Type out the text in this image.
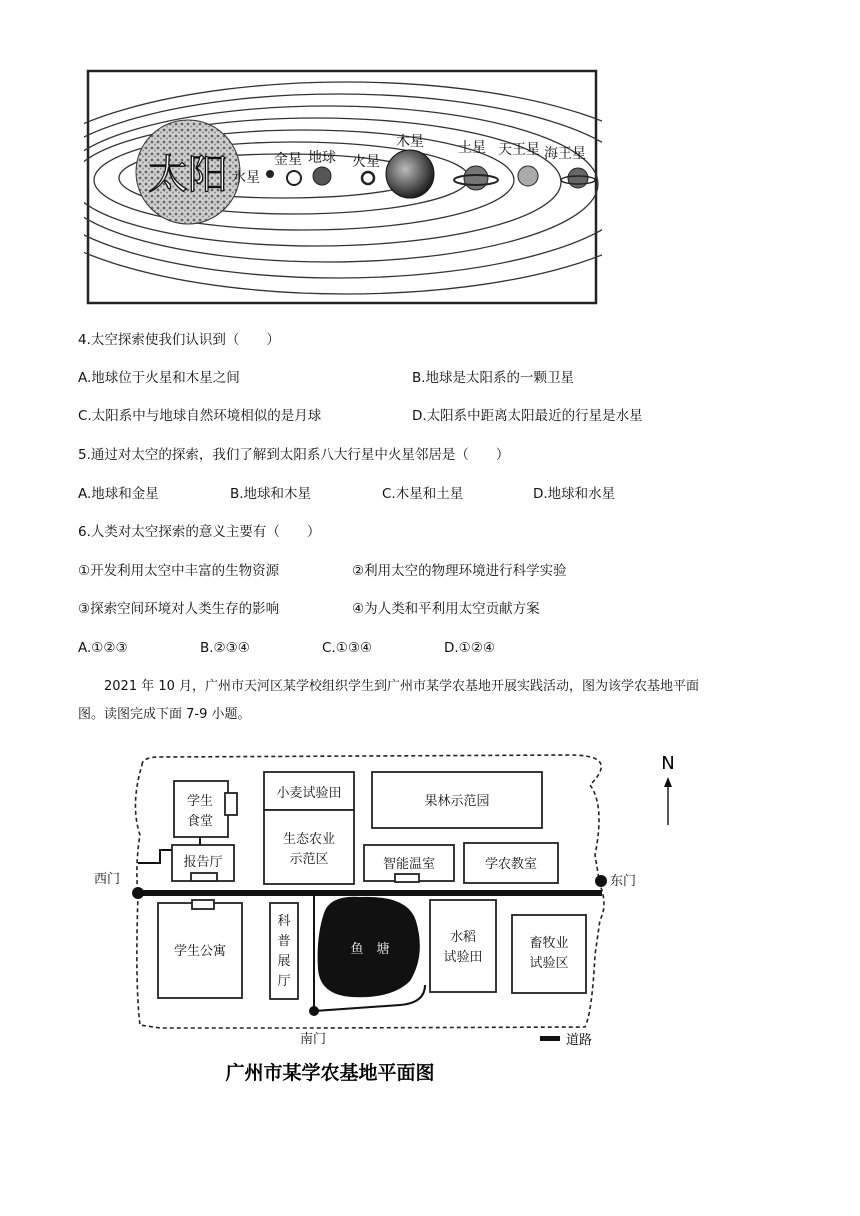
太阳 水星
金星 地球 火星
木星 土星 天王星 海王星
4.太空探索使我们认识到（　　）
A.地球位于火星和木星之间	B.地球是太阳系的一颗卫星
C.太阳系中与地球自然环境相似的是月球	D.太阳系中距离太阳最近的行星是水星
5.通过对太空的探索，我们了解到太阳系八大行星中火星邻居是（　　）
A.地球和金星	B.地球和木星	C.木星和土星	D.地球和水星
6.人类对太空探索的意义主要有（　　）
①开发利用太空中丰富的生物资源	②利用太空的物理环境进行科学实验
③探索空间环境对人类生存的影响	④为人类和平利用太空贡献方案
A.①②③	B.②③④	C.①③④	D.①②④
2021 年 10 月，广州市天河区某学校组织学生到广州市某学农基地开展实践活动，图为该学农基地平面
图。读图完成下面 7-9 小题。
N
学生
食堂
小麦试验田
果林示范园
生态农业
示范区
报告厅	智能温室	学农教室
学生公寓
科
普
展
厅
鱼　塘
水稻
试验田
畜牧业
试验区
西门	东门
南门	道路
广州市某学农基地平面图
